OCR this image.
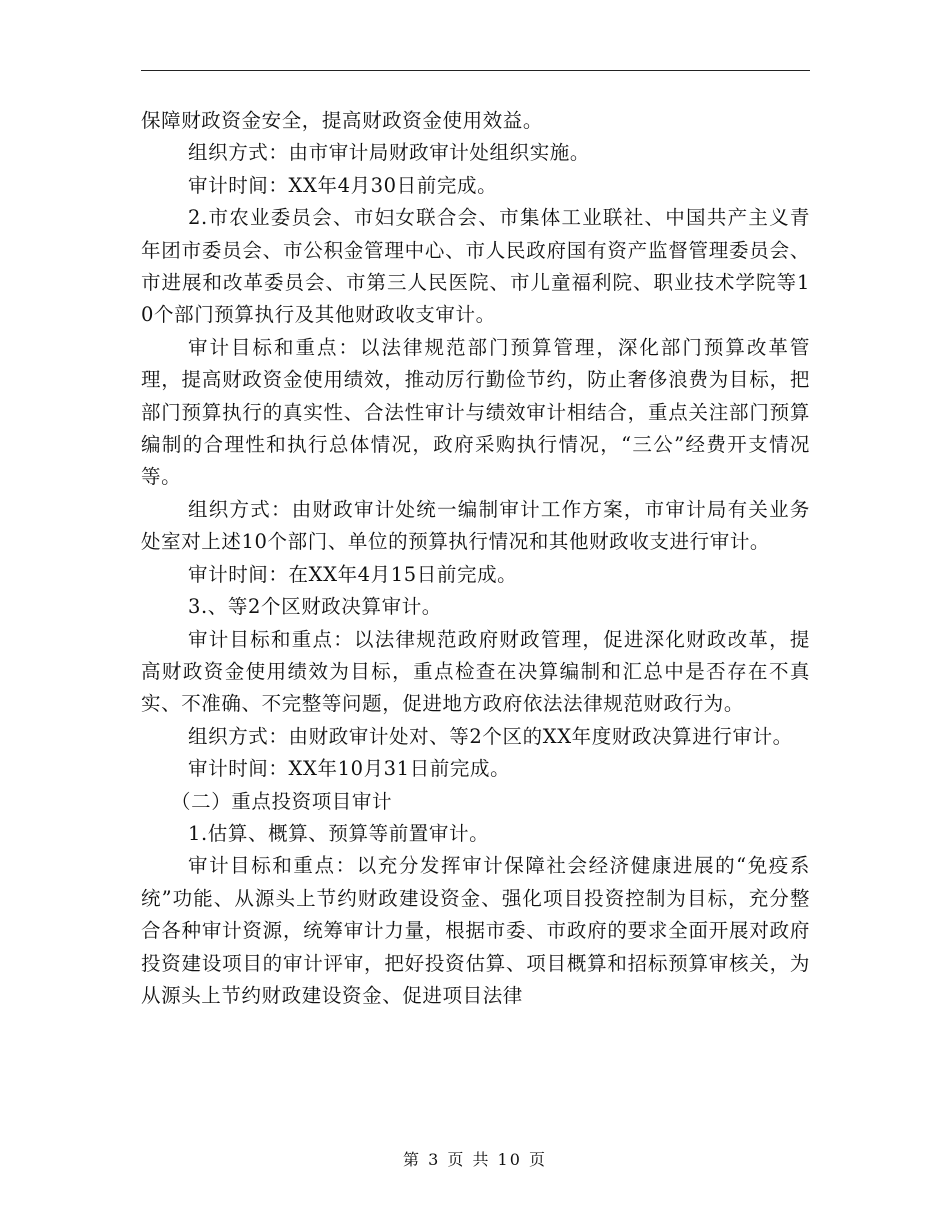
保障财政资金安全，提高财政资金使用效益。

组织方式：由市审计局财政审计处组织实施。

审计时间：XX年4月30日前完成。

2.市农业委员会、市妇女联合会、市集体工业联社、中国共产主义青年团市委员会、市公积金管理中心、市人民政府国有资产监督管理委员会、市进展和改革委员会、市第三人民医院、市儿童福利院、职业技术学院等10个部门预算执行及其他财政收支审计。

审计目标和重点：以法律规范部门预算管理，深化部门预算改革管理，提高财政资金使用绩效，推动厉行勤俭节约，防止奢侈浪费为目标，把部门预算执行的真实性、合法性审计与绩效审计相结合，重点关注部门预算编制的合理性和执行总体情况，政府采购执行情况，“三公”经费开支情况等。

组织方式：由财政审计处统一编制审计工作方案，市审计局有关业务处室对上述10个部门、单位的预算执行情况和其他财政收支进行审计。

审计时间：在XX年4月15日前完成。

3.、等2个区财政决算审计。

审计目标和重点：以法律规范政府财政管理，促进深化财政改革，提高财政资金使用绩效为目标，重点检查在决算编制和汇总中是否存在不真实、不准确、不完整等问题，促进地方政府依法法律规范财政行为。

组织方式：由财政审计处对、等2个区的XX年度财政决算进行审计。

审计时间：XX年10月31日前完成。

（二）重点投资项目审计

1.估算、概算、预算等前置审计。

审计目标和重点：以充分发挥审计保障社会经济健康进展的“免疫系统”功能、从源头上节约财政建设资金、强化项目投资控制为目标，充分整合各种审计资源，统筹审计力量，根据市委、市政府的要求全面开展对政府投资建设项目的审计评审，把好投资估算、项目概算和招标预算审核关，为从源头上节约财政建设资金、促进项目法律

第 3 页 共 10 页
